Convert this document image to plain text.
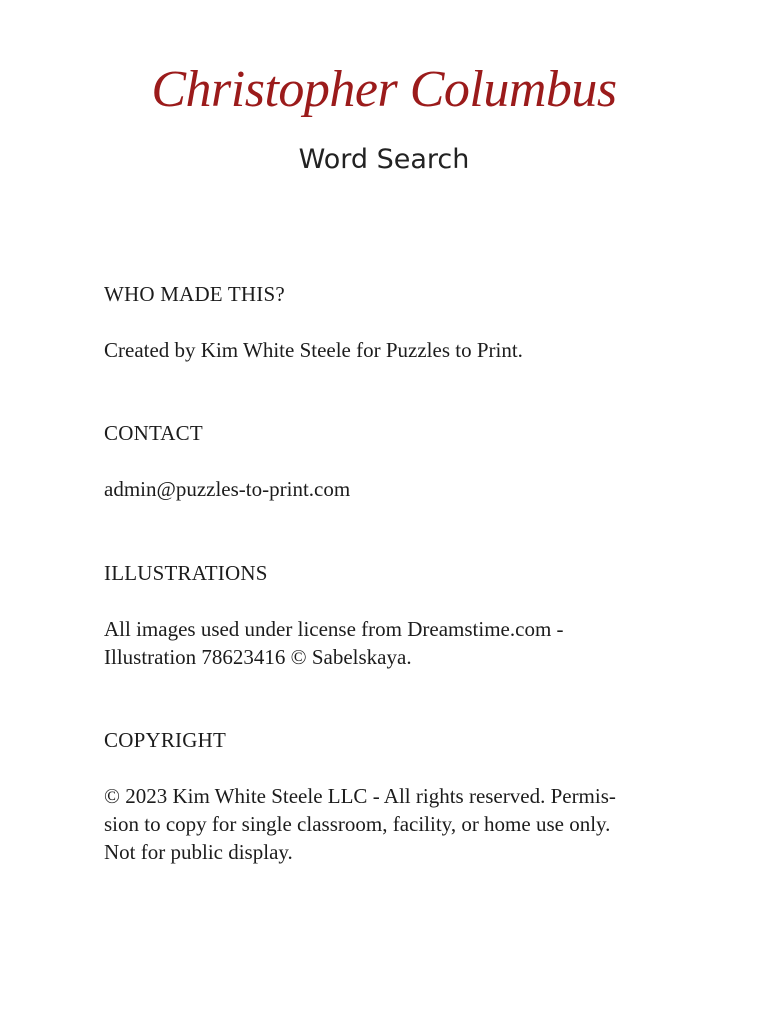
Christopher Columbus
Word Search

WHO MADE THIS?

Created by Kim White Steele for Puzzles to Print.

CONTACT

admin@puzzles-to-print.com

ILLUSTRATIONS

All images used under license from Dreamstime.com -
Illustration 78623416 © Sabelskaya.

COPYRIGHT

© 2023 Kim White Steele LLC - All rights reserved. Permis-
sion to copy for single classroom, facility, or home use only.
Not for public display.
